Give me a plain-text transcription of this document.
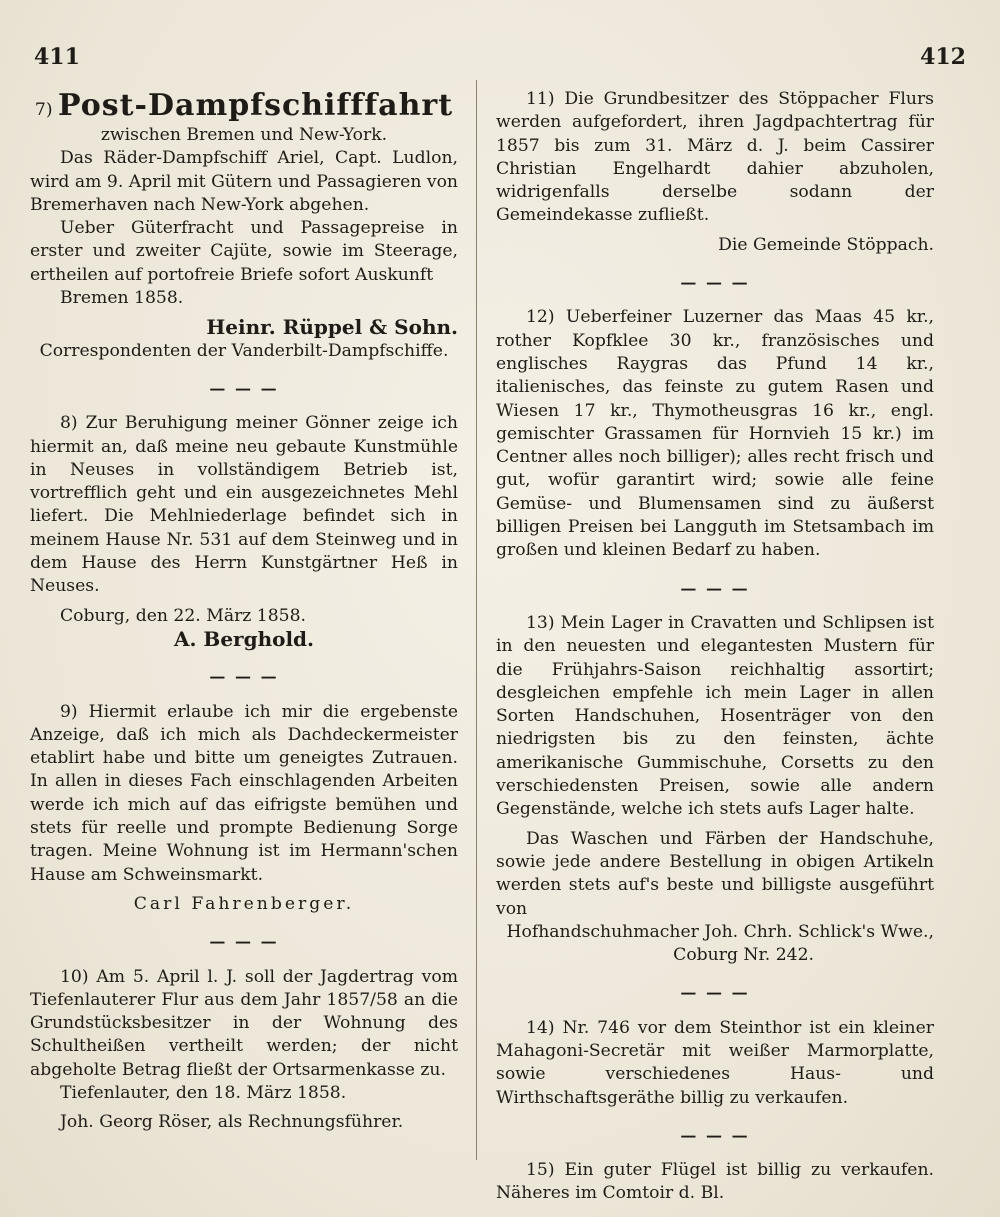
411	412
7) Post-Dampfschifffahrt

zwischen Bremen und New-York.

Das Räder-Dampfschiff Ariel, Capt. Ludlon, wird am 9. April mit Gütern und Passagieren von Bremerhaven nach New-York abgehen.

Ueber Güterfracht und Passagepreise in erster und zweiter Cajüte, sowie im Steerage, ertheilen auf portofreie Briefe sofort Auskunft

Bremen 1858.

Heinr. Rüppel & Sohn.

Correspondenten der Vanderbilt-Dampfschiffe.

— — —

8) Zur Beruhigung meiner Gönner zeige ich hiermit an, daß meine neu gebaute Kunstmühle in Neuses in vollständigem Betrieb ist, vortrefflich geht und ein ausgezeichnetes Mehl liefert. Die Mehlniederlage befindet sich in meinem Hause Nr. 531 auf dem Steinweg und in dem Hause des Herrn Kunstgärtner Heß in Neuses.

Coburg, den 22. März 1858.

A. Berghold.

— — —

9) Hiermit erlaube ich mir die ergebenste Anzeige, daß ich mich als Dachdeckermeister etablirt habe und bitte um geneigtes Zutrauen. In allen in dieses Fach einschlagenden Arbeiten werde ich mich auf das eifrigste bemühen und stets für reelle und prompte Bedienung Sorge tragen. Meine Wohnung ist im Hermann'schen Hause am Schweinsmarkt.

Carl Fahrenberger.

— — —

10) Am 5. April l. J. soll der Jagdertrag vom Tiefenlauterer Flur aus dem Jahr 1857/58 an die Grundstücksbesitzer in der Wohnung des Schultheißen vertheilt werden; der nicht abgeholte Betrag fließt der Ortsarmenkasse zu.

Tiefenlauter, den 18. März 1858.

Joh. Georg Röser, als Rechnungsführer.

11) Die Grundbesitzer des Stöppacher Flurs werden aufgefordert, ihren Jagdpachtertrag für 1857 bis zum 31. März d. J. beim Cassirer Christian Engelhardt dahier abzuholen, widrigenfalls derselbe sodann der Gemeindekasse zufließt.

Die Gemeinde Stöppach.

— — —

12) Ueberfeiner Luzerner das Maas 45 kr., rother Kopfklee 30 kr., französisches und englisches Raygras das Pfund 14 kr., italienisches, das feinste zu gutem Rasen und Wiesen 17 kr., Thymotheusgras 16 kr., engl. gemischter Grassamen für Hornvieh 15 kr.) im Centner alles noch billiger); alles recht frisch und gut, wofür garantirt wird; sowie alle feine Gemüse- und Blumensamen sind zu äußerst billigen Preisen bei Langguth im Stetsambach im großen und kleinen Bedarf zu haben.

— — —

13) Mein Lager in Cravatten und Schlipsen ist in den neuesten und elegantesten Mustern für die Frühjahrs-Saison reichhaltig assortirt; desgleichen empfehle ich mein Lager in allen Sorten Handschuhen, Hosenträger von den niedrigsten bis zu den feinsten, ächte amerikanische Gummischuhe, Corsetts zu den verschiedensten Preisen, sowie alle andern Gegenstände, welche ich stets aufs Lager halte.

Das Waschen und Färben der Handschuhe, sowie jede andere Bestellung in obigen Artikeln werden stets auf's beste und billigste ausgeführt von

Hofhandschuhmacher Joh. Chrh. Schlick's Wwe.,

Coburg Nr. 242.

— — —

14) Nr. 746 vor dem Steinthor ist ein kleiner Mahagoni-Secretär mit weißer Marmorplatte, sowie verschiedenes Haus- und Wirthschaftsgeräthe billig zu verkaufen.

— — —

15) Ein guter Flügel ist billig zu verkaufen. Näheres im Comtoir d. Bl.
